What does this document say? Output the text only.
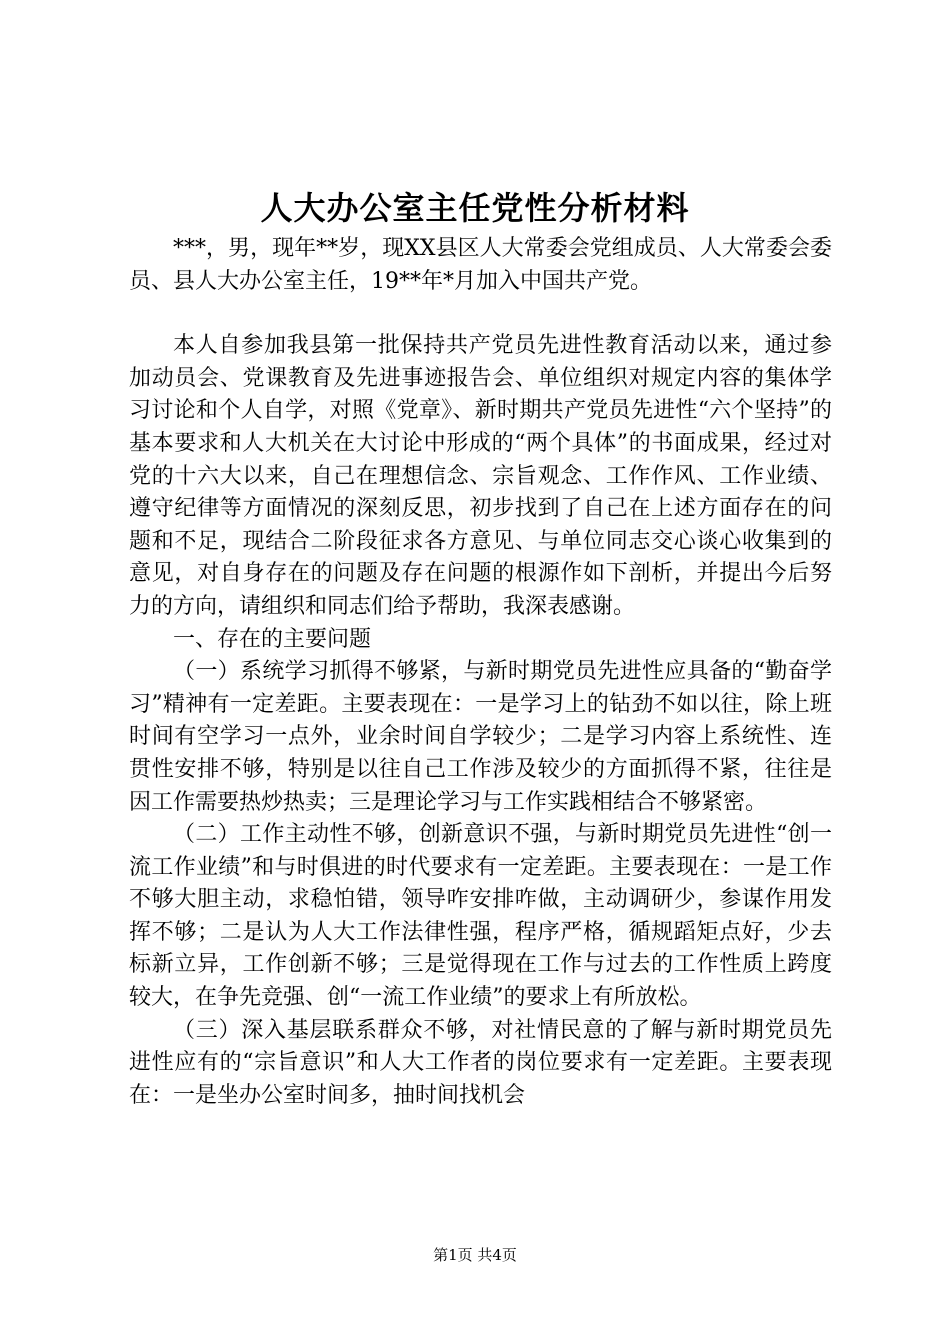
人大办公室主任党性分析材料

***，男，现年**岁，现XX县区人大常委会党组成员、人大常委会委员、县人大办公室主任，19**年*月加入中国共产党。

本人自参加我县第一批保持共产党员先进性教育活动以来，通过参加动员会、党课教育及先进事迹报告会、单位组织对规定内容的集体学习讨论和个人自学，对照《党章》、新时期共产党员先进性“六个坚持”的基本要求和人大机关在大讨论中形成的“两个具体”的书面成果，经过对党的十六大以来，自己在理想信念、宗旨观念、工作作风、工作业绩、遵守纪律等方面情况的深刻反思，初步找到了自己在上述方面存在的问题和不足，现结合二阶段征求各方意见、与单位同志交心谈心收集到的意见，对自身存在的问题及存在问题的根源作如下剖析，并提出今后努力的方向，请组织和同志们给予帮助，我深表感谢。

一、存在的主要问题

（一）系统学习抓得不够紧，与新时期党员先进性应具备的“勤奋学习”精神有一定差距。主要表现在：一是学习上的钻劲不如以往，除上班时间有空学习一点外，业余时间自学较少；二是学习内容上系统性、连贯性安排不够，特别是以往自己工作涉及较少的方面抓得不紧，往往是因工作需要热炒热卖；三是理论学习与工作实践相结合不够紧密。

（二）工作主动性不够，创新意识不强，与新时期党员先进性“创一流工作业绩”和与时俱进的时代要求有一定差距。主要表现在：一是工作不够大胆主动，求稳怕错，领导咋安排咋做，主动调研少，参谋作用发挥不够；二是认为人大工作法律性强，程序严格，循规蹈矩点好，少去标新立异，工作创新不够；三是觉得现在工作与过去的工作性质上跨度较大，在争先竞强、创“一流工作业绩”的要求上有所放松。

（三）深入基层联系群众不够，对社情民意的了解与新时期党员先进性应有的“宗旨意识”和人大工作者的岗位要求有一定差距。主要表现在：一是坐办公室时间多，抽时间找机会

第1页 共4页
